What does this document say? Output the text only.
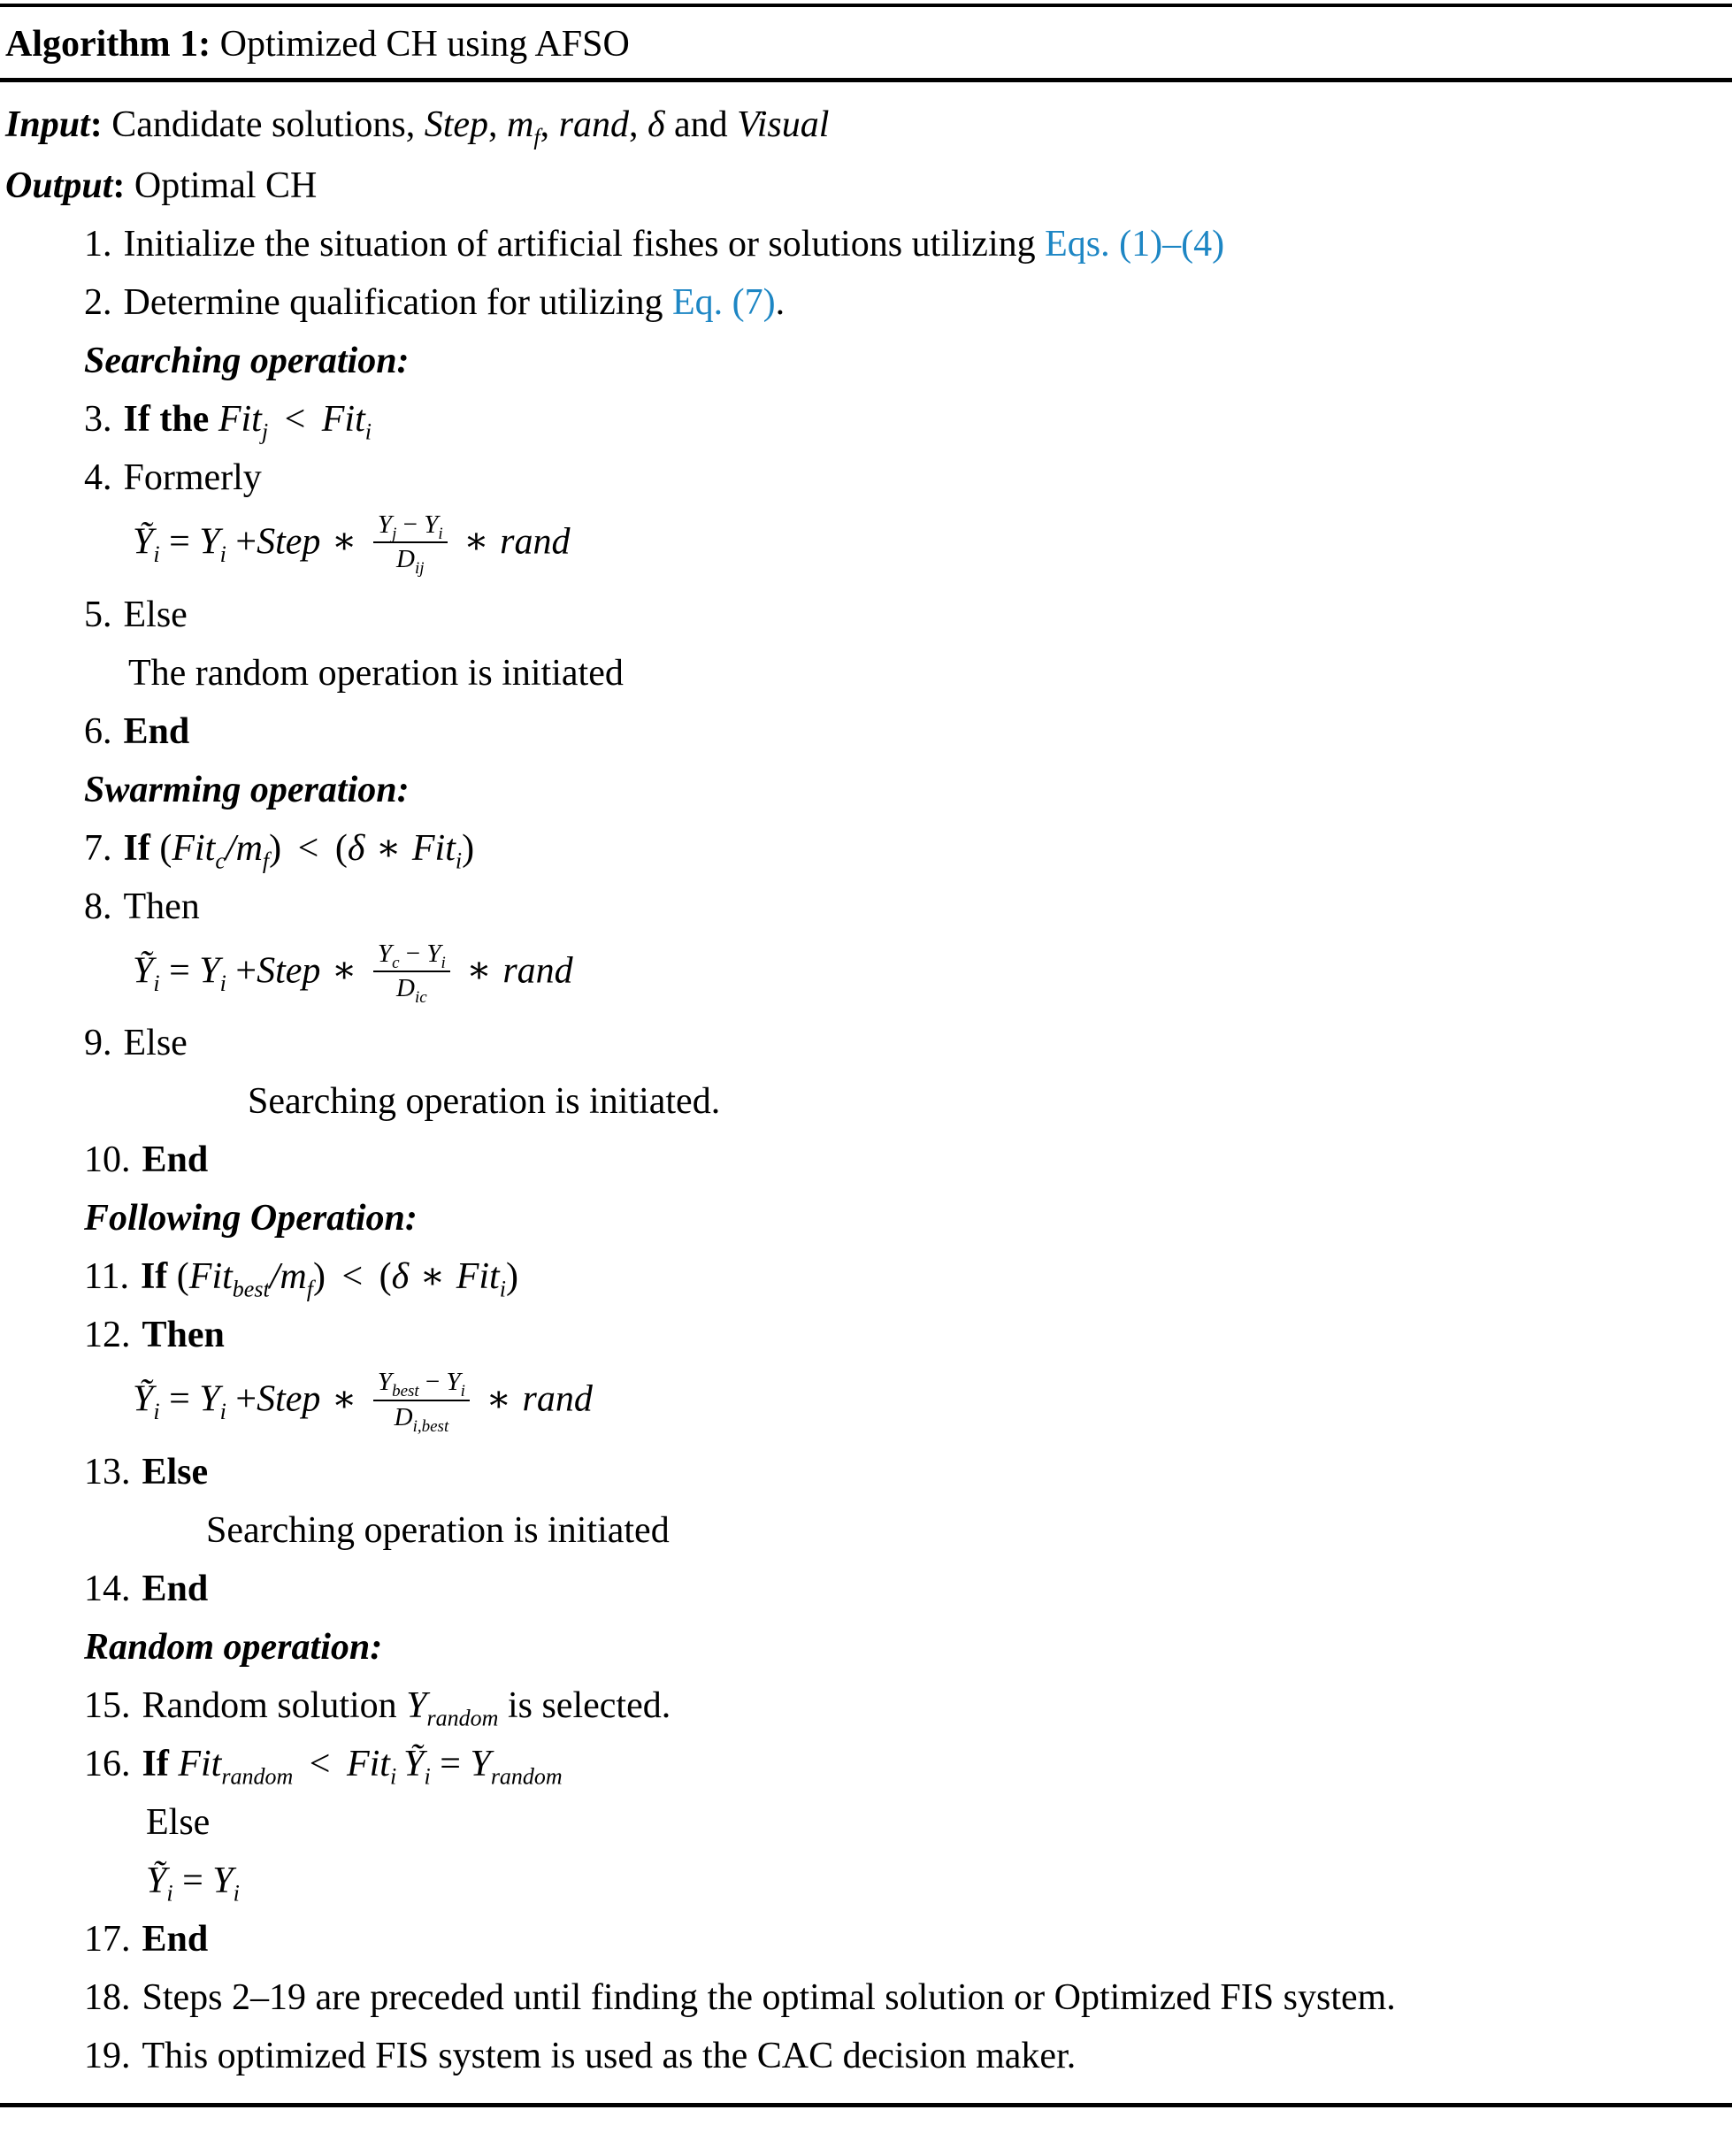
Algorithm 1: Optimized CH using AFSO
Input: Candidate solutions, Step, $m_f$, rand, δ and Visual
Output: Optimal CH
1. Initialize the situation of artificial fishes or solutions utilizing Eqs. (1)–(4)
2. Determine qualification for utilizing Eq. (7).
Searching operation:
3. If the Fit$_j$ < Fit$_i$
4. Formerly
Ỹ$_i$ = $Y_i$ +Step ∗ $\frac{Y_j - Y_i}{D_{ij}}$ ∗ rand
5. Else
The random operation is initiated
6. End
Swarming operation:
7. If $(Fit_c/m_f) < (\delta$ ∗ Fit$_i$)
8. Then
Ỹ$_i$ = $Y_i$ +Step ∗ $\frac{Y_c - Y_i}{D_{ic}}$ ∗ rand
9. Else
Searching operation is initiated.
10. End
Following Operation:
11. If $(Fit_{best}/m_f) < (\delta$ ∗ Fit$_i$)
12. Then
Ỹ$_i$ = $Y_i$ +Step ∗ $\frac{Y_{best} - Y_i}{D_{i,best}}$ ∗ rand
13. Else
Searching operation is initiated
14. End
Random operation:
15. Random solution $Y_{random}$ is selected.
16. If Fit$_{random}$ < Fit$_i$ Ỹ$_i$ = $Y_{random}$
Else
Ỹ$_i$ = $Y_i$
17. End
18. Steps 2–19 are preceded until finding the optimal solution or Optimized FIS system.
19. This optimized FIS system is used as the CAC decision maker.
